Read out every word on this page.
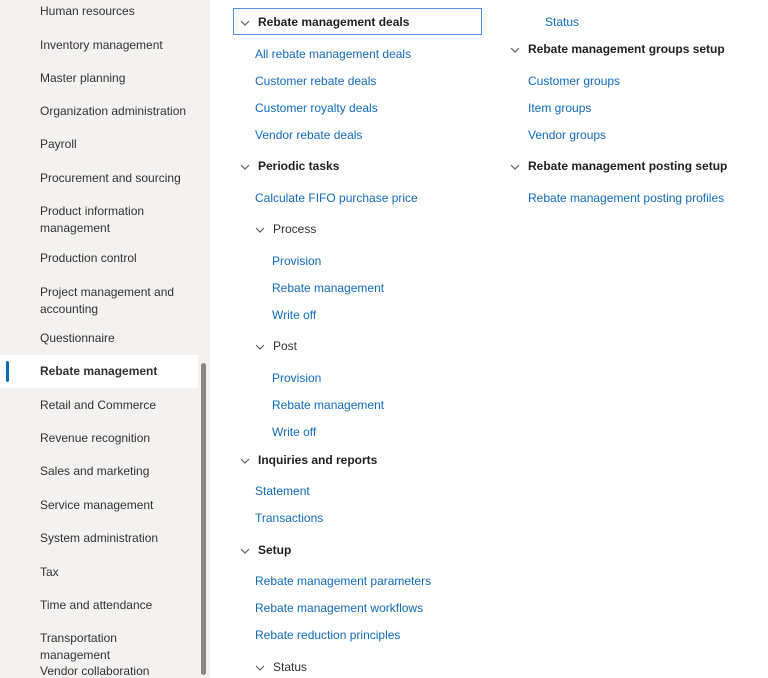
Human resources
Inventory management
Master planning
Organization administration
Payroll
Procurement and sourcing
Product information management
Production control
Project management and accounting
Questionnaire
Rebate management
Retail and Commerce
Revenue recognition
Sales and marketing
Service management
System administration
Tax
Time and attendance
Transportation management
Vendor collaboration
Rebate management deals
All rebate management deals
Customer rebate deals
Customer royalty deals
Vendor rebate deals
Periodic tasks
Calculate FIFO purchase price
Process
Provision
Rebate management
Write off
Post
Provision
Rebate management
Write off
Inquiries and reports
Statement
Transactions
Setup
Rebate management parameters
Rebate management workflows
Rebate reduction principles
Status
Status
Rebate management groups setup
Customer groups
Item groups
Vendor groups
Rebate management posting setup
Rebate management posting profiles
